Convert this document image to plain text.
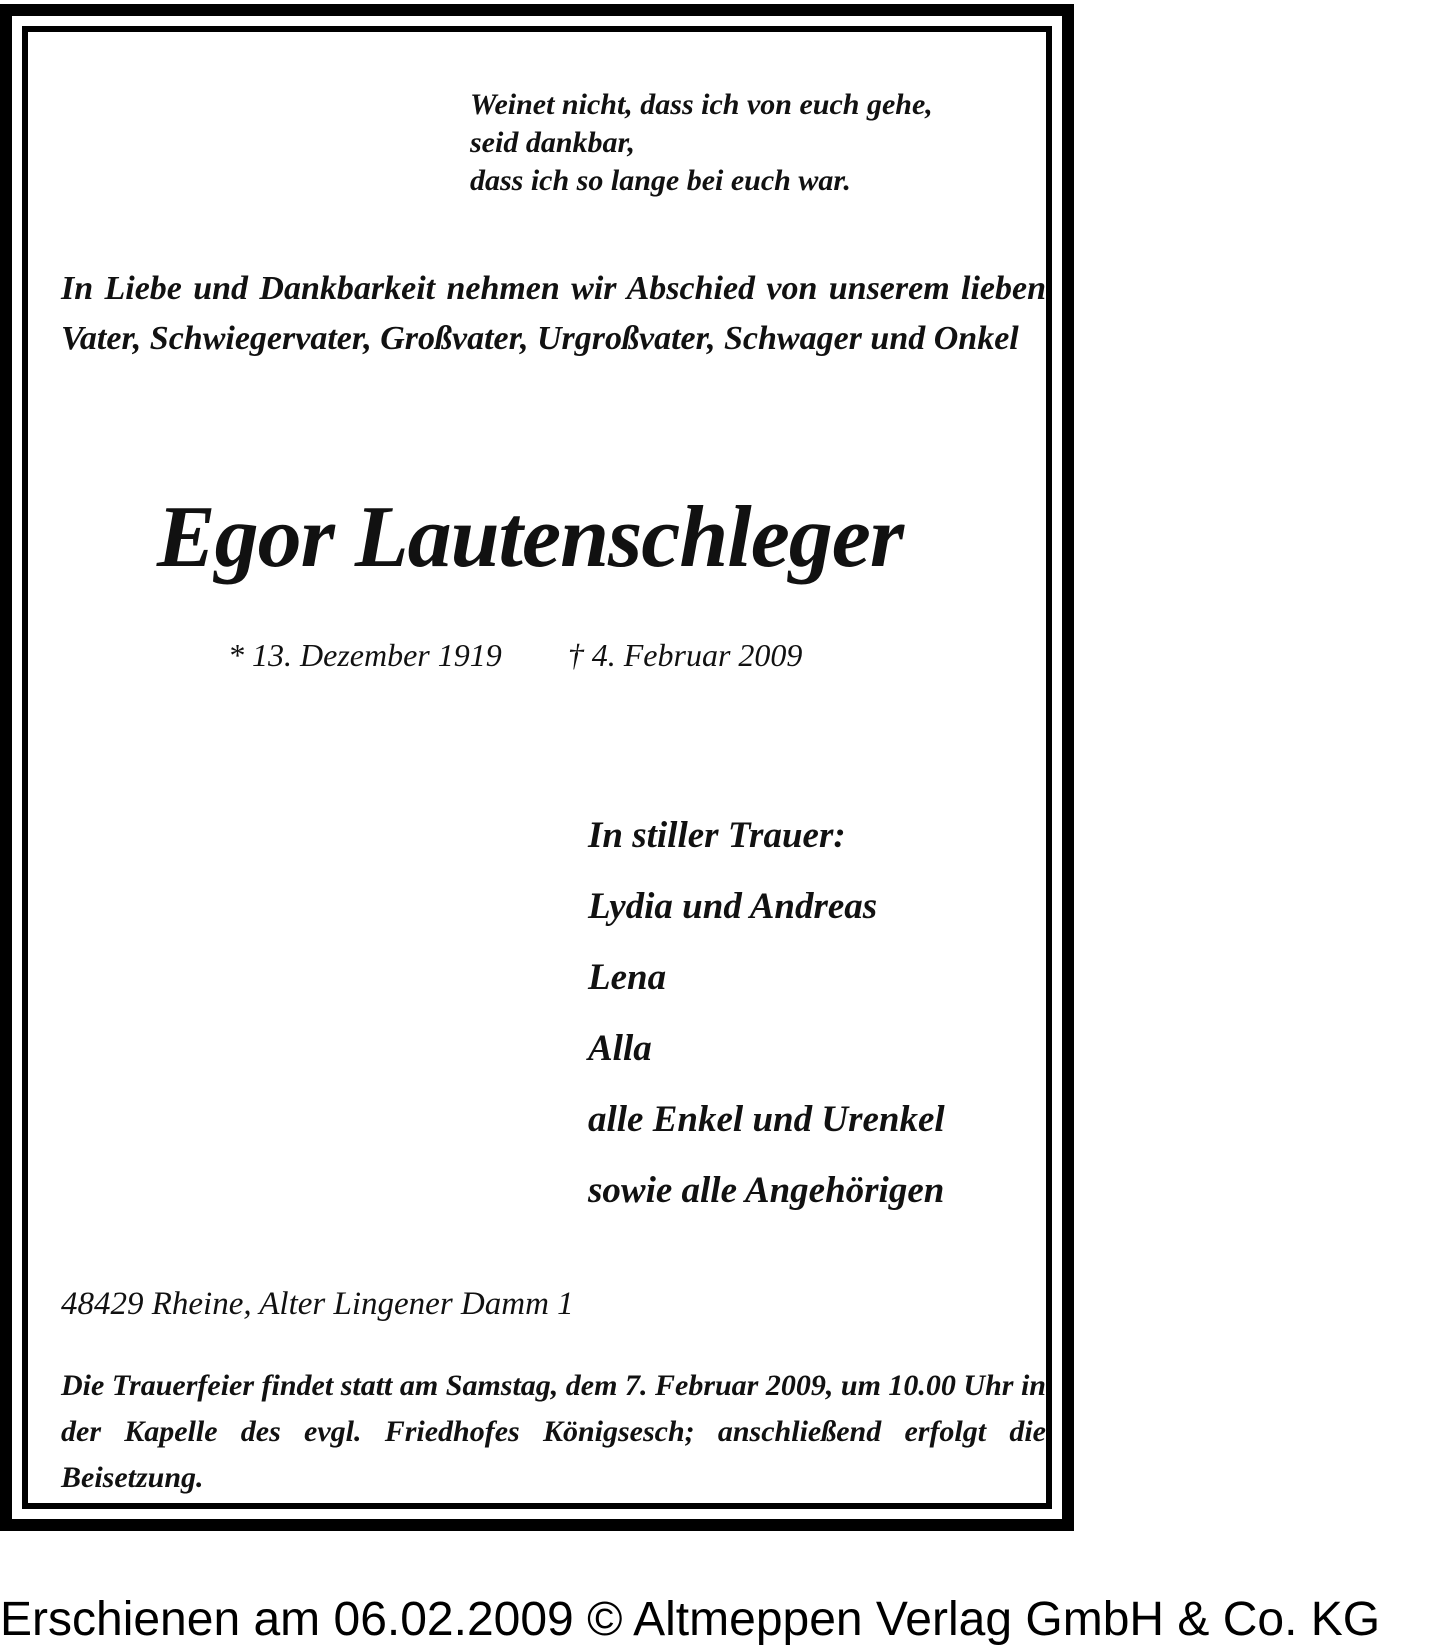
Weinet nicht, dass ich von euch gehe,
seid dankbar,
dass ich so lange bei euch war.
In Liebe und Dankbarkeit nehmen wir Abschied von unserem lieben Vater, Schwiegervater, Großvater, Urgroßvater, Schwager und Onkel
Egor Lautenschleger
* 13. Dezember 1919 † 4. Februar 2009
In stiller Trauer:
Lydia und Andreas
Lena
Alla
alle Enkel und Urenkel
sowie alle Angehörigen
48429 Rheine, Alter Lingener Damm 1
Die Trauerfeier findet statt am Samstag, dem 7. Februar 2009, um 10.00 Uhr in der Kapelle des evgl. Friedhofes Königsesch; anschließend erfolgt die Beisetzung.
Erschienen am 06.02.2009 © Altmeppen Verlag GmbH & Co. KG
